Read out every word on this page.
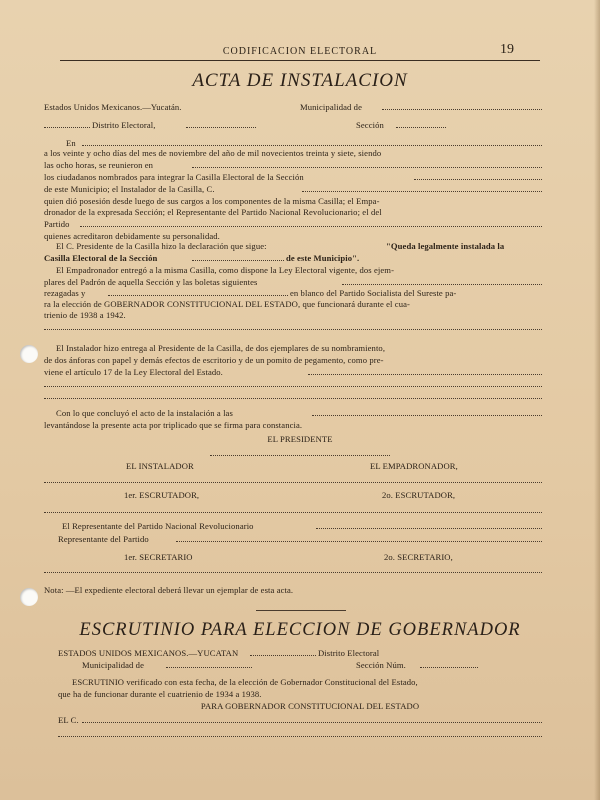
CODIFICACION ELECTORAL	19
ACTA DE INSTALACION
Estados Unidos Mexicanos.—Yucatán.	Municipalidad de
Distrito Electoral,	Sección
En
a los veinte y ocho días del mes de noviembre del año de mil novecientos treinta y siete, siendo
las ocho horas, se reunieron en
los ciudadanos nombrados para integrar la Casilla Electoral de la Sección
de este Municipio; el Instalador de la Casilla, C.
quien dió posesión desde luego de sus cargos a los componentes de la misma Casilla; el Empa-
dronador de la expresada Sección; el Representante del Partido Nacional Revolucionario; el del
Partido
quienes acreditaron debidamente su personalidad.
El C. Presidente de la Casilla hizo la declaración que sigue:	"Queda legalmente instalada la
Casilla Electoral de la Sección	de este Municipio".
El Empadronador entregó a la misma Casilla, como dispone la Ley Electoral vigente, dos ejem-
plares del Padrón de aquella Sección y las boletas siguientes
rezagadas y	en blanco del Partido Socialista del Sureste pa-
ra la elección de GOBERNADOR CONSTITUCIONAL DEL ESTADO, que funcionará durante el cua-
trienio de 1938 a 1942.
El Instalador hizo entrega al Presidente de la Casilla, de dos ejemplares de su nombramiento,
de dos ánforas con papel y demás efectos de escritorio y de un pomito de pegamento, como pre-
viene el artículo 17 de la Ley Electoral del Estado.
Con lo que concluyó el acto de la instalación a las
levantándose la presente acta por triplicado que se firma para constancia.
EL PRESIDENTE
EL INSTALADOR	EL EMPADRONADOR,
1er. ESCRUTADOR,	2o. ESCRUTADOR,
El Representante del Partido Nacional Revolucionario
Representante del Partido
1er. SECRETARIO	2o. SECRETARIO,
Nota: —El expediente electoral deberá llevar un ejemplar de esta acta.
ESCRUTINIO PARA ELECCION DE GOBERNADOR
ESTADOS UNIDOS MEXICANOS.—YUCATAN	Distrito Electoral
Municipalidad de	Sección Núm.
ESCRUTINIO verificado con esta fecha, de la elección de Gobernador Constitucional del Estado,
que ha de funcionar durante el cuatrienio de 1934 a 1938.
PARA GOBERNADOR CONSTITUCIONAL DEL ESTADO
EL C.
